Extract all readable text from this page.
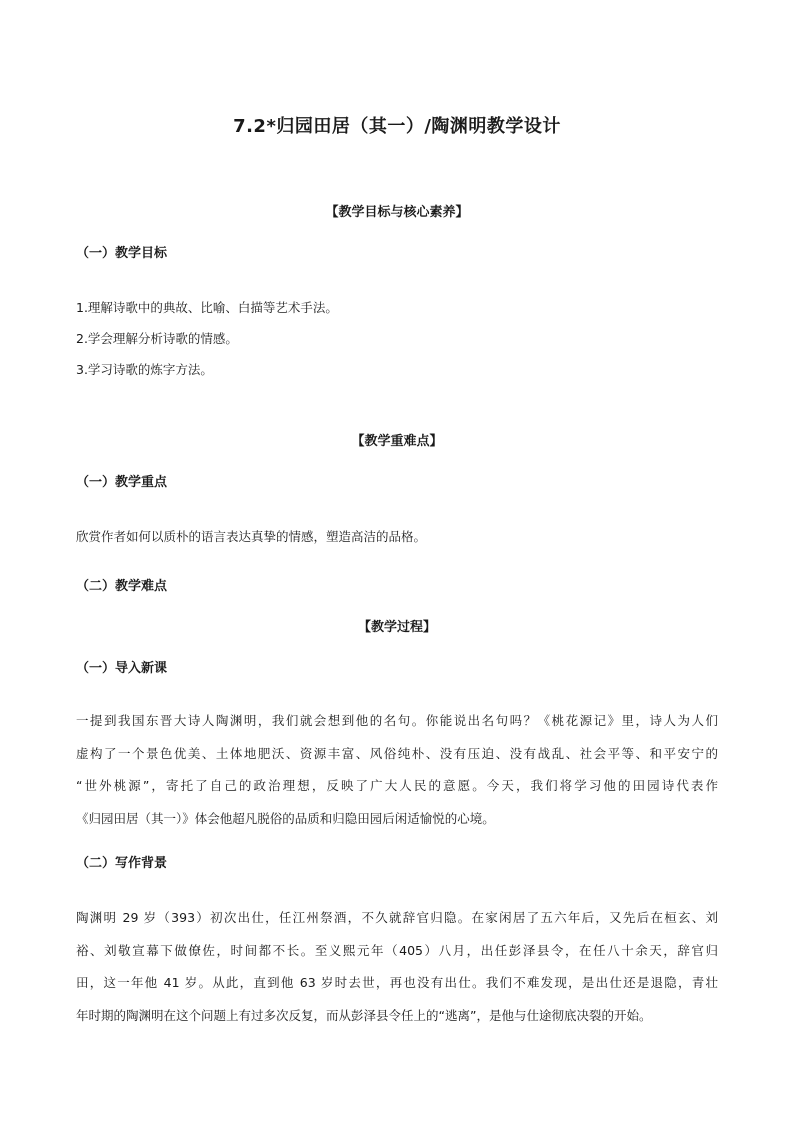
7.2*归园田居（其一）/陶渊明教学设计
【教学目标与核心素养】
（一）教学目标
1.理解诗歌中的典故、比喻、白描等艺术手法。
2.学会理解分析诗歌的情感。
3.学习诗歌的炼字方法。
【教学重难点】
（一）教学重点
欣赏作者如何以质朴的语言表达真挚的情感，塑造高洁的品格。
（二）教学难点
【教学过程】
（一）导入新课
一提到我国东晋大诗人陶渊明，我们就会想到他的名句。你能说出名句吗？《桃花源记》里，诗人为人们
虚构了一个景色优美、土体地肥沃、资源丰富、风俗纯朴、没有压迫、没有战乱、社会平等、和平安宁的
“世外桃源”，寄托了自己的政治理想，反映了广大人民的意愿。今天，我们将学习他的田园诗代表作
《归园田居（其一）》体会他超凡脱俗的品质和归隐田园后闲适愉悦的心境。
（二）写作背景
陶渊明 29 岁（393）初次出仕，任江州祭酒，不久就辞官归隐。在家闲居了五六年后，又先后在桓玄、刘
裕、刘敬宣幕下做僚佐，时间都不长。至义熙元年（405）八月，出任彭泽县令，在任八十余天，辞官归
田，这一年他 41 岁。从此，直到他 63 岁时去世，再也没有出仕。我们不难发现，是出仕还是退隐，青壮
年时期的陶渊明在这个问题上有过多次反复，而从彭泽县令任上的“逃离”，是他与仕途彻底决裂的开始。
